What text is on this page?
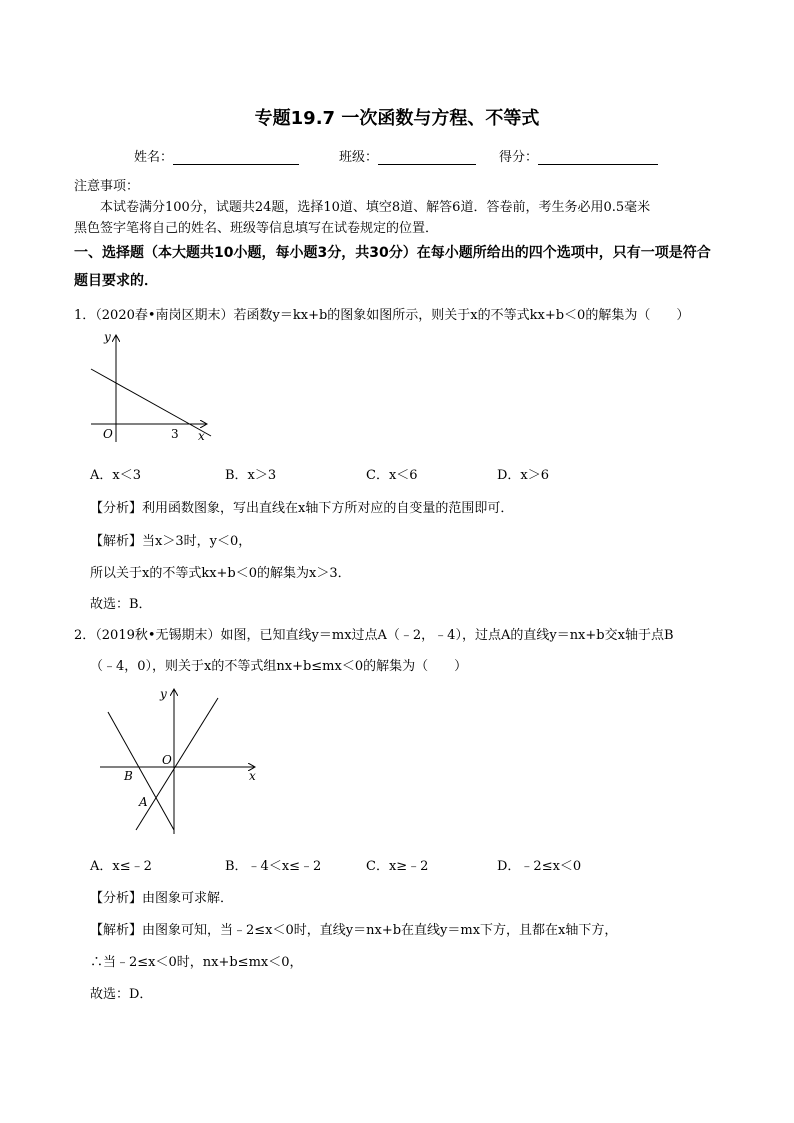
专题19.7 一次函数与方程、不等式
姓名：	班级：	得分：
注意事项：
本试卷满分100分，试题共24题，选择10道、填空8道、解答6道．答卷前，考生务必用0.5毫米
黑色签字笔将自己的姓名、班级等信息填写在试卷规定的位置．
一、选择题（本大题共10小题，每小题3分，共30分）在每小题所给出的四个选项中，只有一项是符合
题目要求的．
1．（2020春•南岗区期末）若函数y＝kx+b的图象如图所示，则关于x的不等式kx+b＜0的解集为（　　）
y
x
O	3
A．x＜3	B．x＞3	C．x＜6	D．x＞6
【分析】利用函数图象，写出直线在x轴下方所对应的自变量的范围即可．
【解析】当x＞3时，y＜0，
所以关于x的不等式kx+b＜0的解集为x＞3．
故选：B．
2．（2019秋•无锡期末）如图，已知直线y＝mx过点A（﹣2，﹣4），过点A的直线y＝nx+b交x轴于点B
（﹣4，0），则关于x的不等式组nx+b≤mx＜0的解集为（　　）
y
x
O
B
A
A．x≤﹣2	B．﹣4＜x≤﹣2	C．x≥﹣2	D．﹣2≤x＜0
【分析】由图象可求解．
【解析】由图象可知，当﹣2≤x＜0时，直线y＝nx+b在直线y＝mx下方，且都在x轴下方，
∴当﹣2≤x＜0时，nx+b≤mx＜0，
故选：D．
